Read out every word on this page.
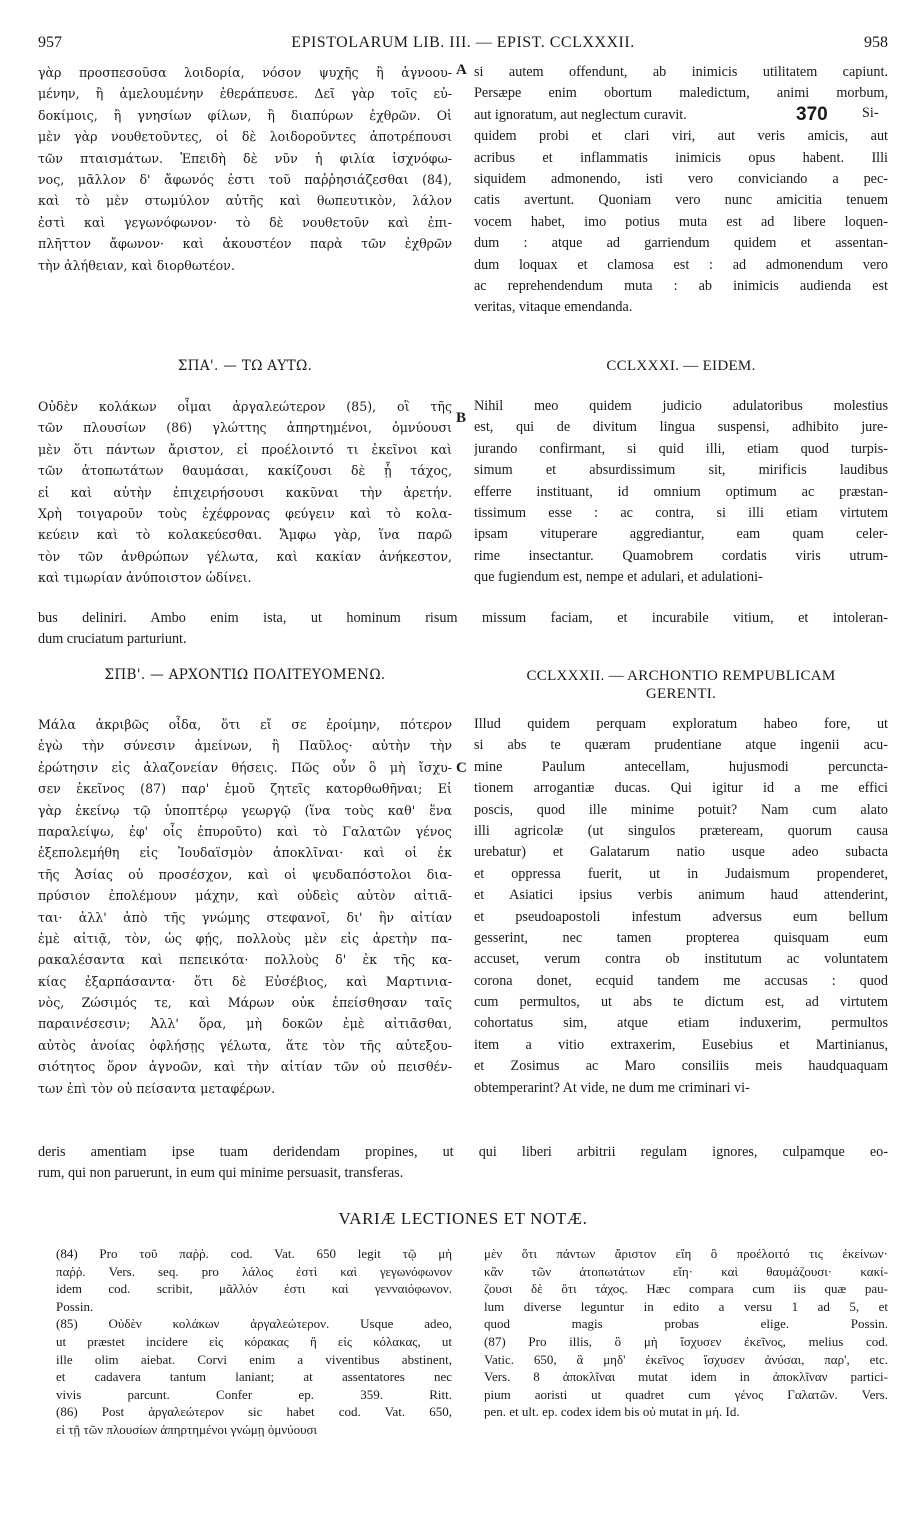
957	EPISTOLARUM LIB. III. — EPIST. CCLXXXII.	958
γὰρ προσπεσοῦσα λοιδορία, νόσον ψυχῆς ἢ ἀγνοου-
μένην, ἢ ἀμελουμένην ἐθεράπευσε. Δεῖ γὰρ τοῖς εὐ-
δοκίμοις, ἢ γνησίων φίλων, ἢ διαπύρων ἐχθρῶν. Οἱ
μὲν γὰρ νουθετοῦντες, οἱ δὲ λοιδοροῦντες ἀποτρέπουσι
τῶν πταισμάτων. Ἐπειδὴ δὲ νῦν ἡ φιλία ἰσχνόφω-
νος, μᾶλλον δ' ἄφωνός ἐστι τοῦ παῤῥησιάζεσθαι (84),
καὶ τὸ μὲν στωμύλον αὐτῆς καὶ θωπευτικὸν, λάλον
ἐστὶ καὶ γεγωνόφωνον· τὸ δὲ νουθετοῦν καὶ ἐπι-
πλῆττον ἄφωνον· καὶ ἀκουστέον παρὰ τῶν ἐχθρῶν
τὴν ἀλήθειαν, καὶ διορθωτέον.
A si autem offendunt, ab inimicis utilitatem capiunt.
Persæpe enim obortum maledictum, animi morbum,
aut ignoratum, aut neglectum curavit.
quidem probi et clari viri, aut veris amicis, aut
acribus et inflammatis inimicis opus habent. Illi
siquidem admonendo, isti vero conviciando a pec-
catis avertunt. Quoniam vero nunc amicitia tenuem
vocem habet, imo potius muta est ad libere loquen-
dum : atque ad garriendum quidem et assentan-
dum loquax et clamosa est : ad admonendum vero
ac reprehendendum muta : ab inimicis audienda est
veritas, vitaque emendanda.
370 Si-
ΣΠΑ'. — ΤΩ ΑΥΤΩ.	CCLXXXI. — EIDEM.
Οὐδὲν κολάκων οἶμαι ἀργαλεώτερον (85), οἳ τῆς
τῶν πλουσίων (86) γλώττης ἀπηρτημένοι, ὀμνύουσι
μὲν ὅτι πάντων ἄριστον, εἰ προέλοιντό τι ἐκεῖνοι καὶ
τῶν ἀτοπωτάτων θαυμάσαι, κακίζουσι δὲ ᾗ τάχος,
εἰ καὶ αὐτὴν ἐπιχειρήσουσι κακῦναι τὴν ἀρετήν.
Χρὴ τοιγαροῦν τοὺς ἐχέφρονας φεύγειν καὶ τὸ κολα-
κεύειν καὶ τὸ κολακεύεσθαι. Ἄμφω γὰρ, ἵνα παρῶ
τὸν τῶν ἀνθρώπων γέλωτα, καὶ κακίαν ἀνήκεστον,
καὶ τιμωρίαν ἀνύποιστον ὠδίνει.
B
Nihil meo quidem judicio adulatoribus molestius
est, qui de divitum lingua suspensi, adhibito jure-
jurando confirmant, si quid illi, etiam quod turpis-
simum et absurdissimum sit, mirificis laudibus
efferre instituant, id omnium optimum ac præstan-
tissimum esse : ac contra, si illi etiam virtutem
ipsam vituperare aggrediantur, eam quam celer-
rime insectantur. Quamobrem cordatis viris utrum-
que fugiendum est, nempe et adulari, et adulationi-
bus deliniri. Ambo enim ista, ut hominum risum missum faciam, et incurabile vitium, et intoleran-
dum cruciatum parturiunt.
ΣΠΒ'. — ΑΡΧΟΝΤΙΩ ΠΟΛΙΤΕΥΟΜΕΝΩ.	CCLXXXII. — ARCHONTIO REMPUBLICAM
GERENTI.
Μάλα ἀκριβῶς οἶδα, ὅτι εἴ σε ἐροίμην, πότερον
ἐγὼ τὴν σύνεσιν ἀμείνων, ἢ Παῦλος· αὐτὴν τὴν
ἐρώτησιν εἰς ἀλαζονείαν θήσεις. Πῶς οὖν ὃ μὴ ἴσχυ-
σεν ἐκεῖνος (87) παρ' ἐμοῦ ζητεῖς κατορθωθῆναι; Εἰ
γὰρ ἐκείνῳ τῷ ὑποπτέρῳ γεωργῷ (ἵνα τοὺς καθ' ἕνα
παραλείψω, ἐφ' οἷς ἐπυροῦτο) καὶ τὸ Γαλατῶν γένος
ἐξεπολεμήθη εἰς Ἰουδαϊσμὸν ἀποκλῖναι· καὶ οἱ ἐκ
τῆς Ἀσίας οὐ προσέσχον, καὶ οἱ ψευδαπόστολοι δια-
πρύσιον ἐπολέμουν μάχην, καὶ οὐδεὶς αὐτὸν αἰτιᾶ-
ται· ἀλλ' ἀπὸ τῆς γνώμης στεφανοῖ, δι' ἣν αἰτίαν
ἐμὲ αἰτιᾷ, τὸν, ὡς φῄς, πολλοὺς μὲν εἰς ἀρετὴν πα-
ρακαλέσαντα καὶ πεπεικότα· πολλοὺς δ' ἐκ τῆς κα-
κίας ἐξαρπάσαντα· ὅτι δὲ Εὐσέβιος, καὶ Μαρτινια-
νὸς, Ζώσιμός τε, καὶ Μάρων οὐκ ἐπείσθησαν ταῖς
παραινέσεσιν; Ἀλλ' ὅρα, μὴ δοκῶν ἐμὲ αἰτιᾶσθαι,
αὐτὸς ἀνοίας ὀφλήσῃς γέλωτα, ἅτε τὸν τῆς αὐτεξου-
σιότητος ὅρον ἀγνοῶν, καὶ τὴν αἰτίαν τῶν οὐ πεισθέν-
των ἐπὶ τὸν οὐ πείσαντα μεταφέρων.
C
Illud quidem perquam exploratum habeo fore, ut
si abs te quæram prudentiane atque ingenii acu-
mine Paulum antecellam, hujusmodi percuncta-
tionem arrogantiæ ducas. Qui igitur id a me effici
poscis, quod ille minime potuit? Nam cum alato
illi agricolæ (ut singulos præteream, quorum causa
urebatur) et Galatarum natio usque adeo subacta
et oppressa fuerit, ut in Judaismum propenderet,
et Asiatici ipsius verbis animum haud attenderint,
et pseudoapostoli infestum adversus eum bellum
gesserint, nec tamen propterea quisquam eum
accuset, verum contra ob institutum ac voluntatem
corona donet, ecquid tandem me accusas : quod
cum permultos, ut abs te dictum est, ad virtutem
cohortatus sim, atque etiam induxerim, permultos
item a vitio extraxerim, Eusebius et Martinianus,
et Zosimus ac Maro consiliis meis haudquaquam
obtemperarint? At vide, ne dum me criminari vi-
deris amentiam ipse tuam deridendam propines, ut qui liberi arbitrii regulam ignores, culpamque eo-
rum, qui non paruerunt, in eum qui minime persuasit, transferas.
VARIÆ LECTIONES ET NOTÆ.
(84) Pro τοῦ παῤῥ. cod. Vat. 650 legit τῷ μὴ
παῤῥ. Vers. seq. pro λάλος ἐστὶ καὶ γεγωνόφωνον
idem cod. scribit, μᾶλλόν ἐστι καὶ γενναιόφωνον.
Possin.
(85) Οὐδὲν κολάκων ἀργαλεώτερον. Usque adeo,
ut præstet incidere εἰς κόρακας ἢ εἰς κόλακας, ut
ille olim aiebat. Corvi enim a viventibus abstinent,
et cadavera tantum laniant; at assentatores nec
vivis parcunt. Confer ep. 359. Ritt.
(86) Post ἀργαλεώτερον sic habet cod. Vat. 650,
εἰ τῇ τῶν πλουσίων ἀπηρτημένοι γνώμῃ ὀμνύουσι
μὲν ὅτι πάντων ἄριστον εἴη ὃ προέλοιτό τις ἐκείνων·
κἂν τῶν ἀτοπωτάτων εἴη· καὶ θαυμάζουσι· κακί-
ζουσι δὲ ὅτι τάχος. Hæc compara cum iis quæ pau-
lum diverse leguntur in edito a versu 1 ad 5, et
quod magis probas elige. Possin.
(87) Pro illis, ὃ μὴ ἴσχυσεν ἐκεῖνος, melius cod.
Vatic. 650, ἃ μηδ' ἐκεῖνος ἴσχυσεν ἀνύσαι, παρ', etc.
Vers. 8 ἀποκλῖναι mutat idem in ἀποκλῖναν partici-
pium aoristi ut quadret cum γένος Γαλατῶν. Vers.
pen. et ult. ep. codex idem bis οὐ mutat in μή. Id.
